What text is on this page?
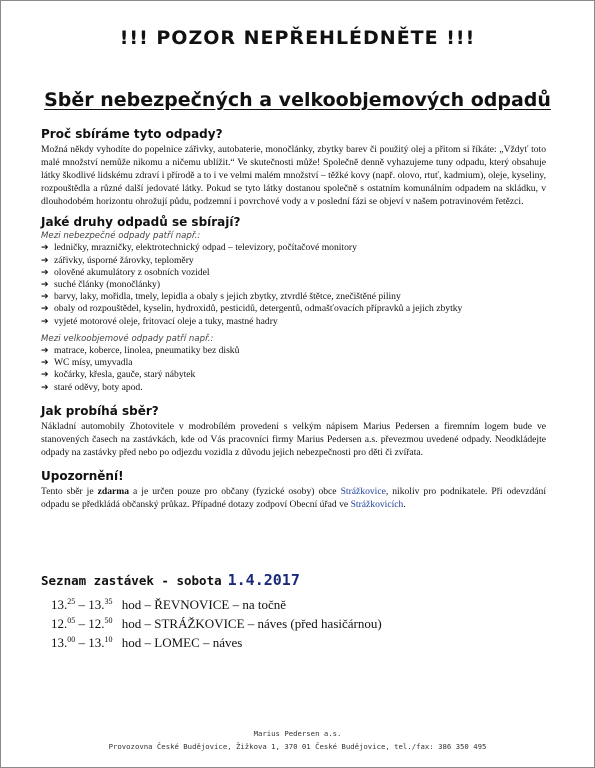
!!! POZOR NEPŘEHLÉDNĚTE !!!
Sběr nebezpečných a velkoobjemových odpadů
Proč sbíráme tyto odpady?

Možná někdy vyhodíte do popelnice zářivky, autobaterie, monočlánky, zbytky barev či použitý olej a přitom si říkáte: „Vždyť toto malé množství nemůže nikomu a ničemu ublížit.“ Ve skutečnosti může! Společně denně vyhazujeme tuny odpadu, který obsahuje látky škodlivé lidskému zdraví i přírodě a to i ve velmi malém množství – těžké kovy (např. olovo, rtuť, kadmium), oleje, kyseliny, rozpouštědla a různé další jedovaté látky. Pokud se tyto látky dostanou společně s ostatním komunálním odpadem na skládku, v dlouhodobém horizontu ohrožují půdu, podzemní i povrchové vody a v poslední fázi se objeví v našem potravinovém řetězci.

Jaké druhy odpadů se sbírají?

Mezi nebezpečné odpady patří např.:

➔ ledničky, mrazničky, elektrotechnický odpad – televizory, počítačové monitory
➔ zářivky, úsporné žárovky, teploměry
➔ olověné akumulátory z osobních vozidel
➔ suché články (monočlánky)
➔ barvy, laky, mořidla, tmely, lepidla a obaly s jejich zbytky, ztvrdlé štětce, znečištěné piliny
➔ obaly od rozpouštědel, kyselin, hydroxidů, pesticidů, detergentů, odmašťovacích přípravků a jejich zbytky
➔ vyjeté motorové oleje, fritovací oleje a tuky, mastné hadry

Mezi velkoobjemové odpady patří např.:

➔ matrace, koberce, linolea, pneumatiky bez disků
➔ WC mísy, umyvadla
➔ kočárky, křesla, gauče, starý nábytek
➔ staré oděvy, boty apod.
Jak probíhá sběr?

Nákladní automobily Zhotovitele v modrobílém provedení s velkým nápisem Marius Pedersen a firemním logem bude ve stanovených časech na zastávkách, kde od Vás pracovníci firmy Marius Pedersen a.s. převezmou uvedené odpady. Neodkládejte odpady na zastávky před nebo po odjezdu vozidla z důvodu jejich nebezpečnosti pro děti či zvířata.

Upozornění!

Tento sběr je zdarma a je určen pouze pro občany (fyzické osoby) obce Strážkovice, nikoliv pro podnikatele. Při odevzdání odpadu se předkládá občanský průkaz. Případné dotazy zodpoví Obecní úřad ve Strážkovicích.

Seznam zastávek - sobota 1.4.2017
13.25 – 13.35 hod – ŘEVNOVICE – na točně
12.05 – 12.50 hod – STRÁŽKOVICE – náves (před hasičárnou)
13.00 – 13.10 hod – LOMEC – náves
Marius Pedersen a.s.
Provozovna České Budějovice, Žižkova 1, 370 01 České Budějovice, tel./fax: 386 350 495
